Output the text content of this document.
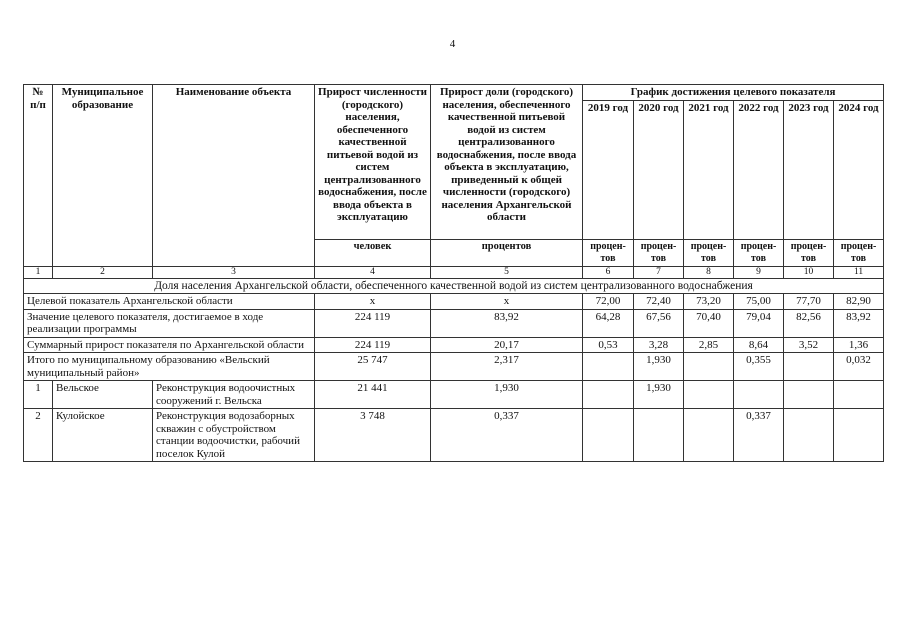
4
№ п/п	Муниципальное образование	Наименование объекта	Прирост численности (городского) населения, обеспеченного качественной питьевой водой из систем централизованного водоснабжения, после ввода объекта в эксплуатацию	Прирост доли (городского) населения, обеспеченного качественной питьевой водой из систем централизованного водоснабжения, после ввода объекта в эксплуатацию, приведенный к общей численности (городского) населения Архангельской области	График достижения целевого показателя					
					2019 год	2020 год	2021 год	2022 год	2023 год	2024 год
			человек	процентов	процен-тов	процен-тов	процен-тов	процен-тов	процен-тов	процен-тов
1	2	3	4	5	6	7	8	9	10	11
Доля населения Архангельской области, обеспеченного качественной водой из систем централизованного водоснабжения										
Целевой показатель Архангельской области			х	х	72,00	72,40	73,20	75,00	77,70	82,90
Значение целевого показателя, достигаемое в ходе реализации программы			224 119	83,92	64,28	67,56	70,40	79,04	82,56	83,92
Суммарный прирост показателя по Архангельской области			224 119	20,17	0,53	3,28	2,85	8,64	3,52	1,36
Итого по муниципальному образованию «Вельский муниципальный район»			25 747	2,317		1,930		0,355		0,032
1	Вельское	Реконструкция водоочистных сооружений г. Вельска	21 441	1,930		1,930				
2	Кулойское	Реконструкция водозаборных скважин с обустройством станции водоочистки, рабочий поселок Кулой	3 748	0,337				0,337		
